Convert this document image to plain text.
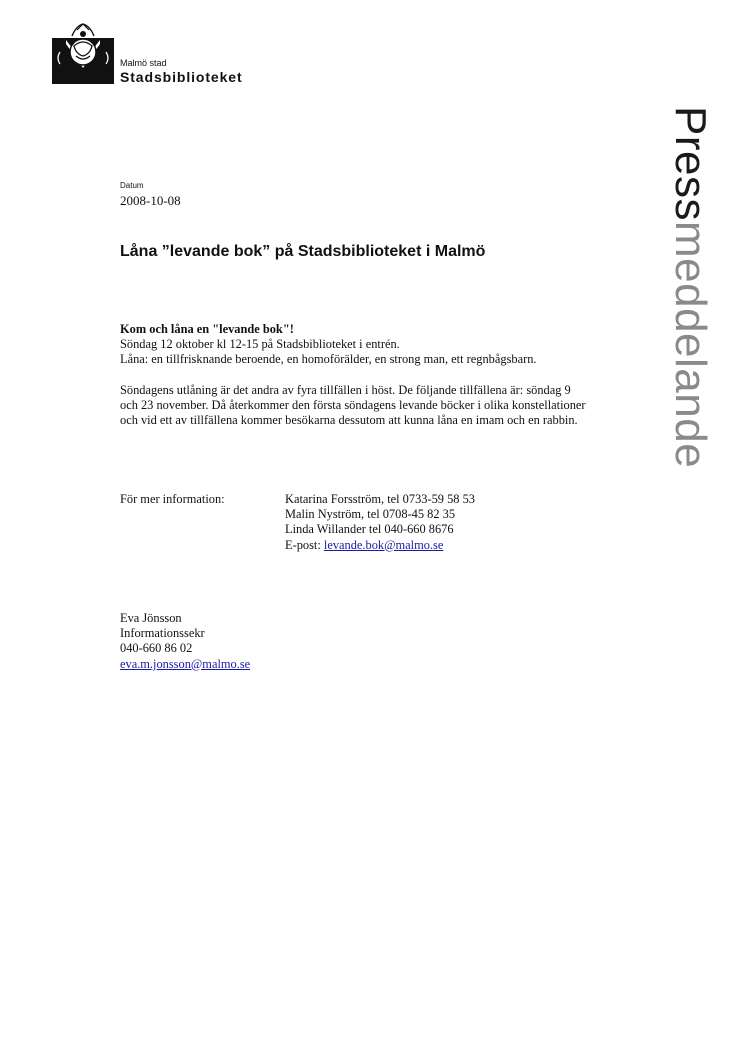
Malmö stad
Stadsbiblioteket
Pressmeddelande
Datum
2008-10-08
Låna ”levande bok” på Stadsbiblioteket i Malmö

Kom och låna en "levande bok"!

Söndag 12 oktober kl 12-15 på Stadsbiblioteket i entrén.

Låna: en tillfrisknande beroende, en homoförälder, en strong man, ett regnbågsbarn.

Söndagens utlåning är det andra av fyra tillfällen i höst. De följande tillfällena är: söndag 9 och 23 november. Då återkommer den första söndagens levande böcker i olika konstellationer och vid ett av tillfällena kommer besökarna dessutom att kunna låna en imam och en rabbin.

För mer information:	Katarina Forsström, tel 0733-59 58 53
Malin Nyström, tel 0708-45 82 35
Linda Willander tel 040-660 8676
E-post: levande.bok@malmo.se
Eva Jönsson
Informationssekr
040-660 86 02
eva.m.jonsson@malmo.se
